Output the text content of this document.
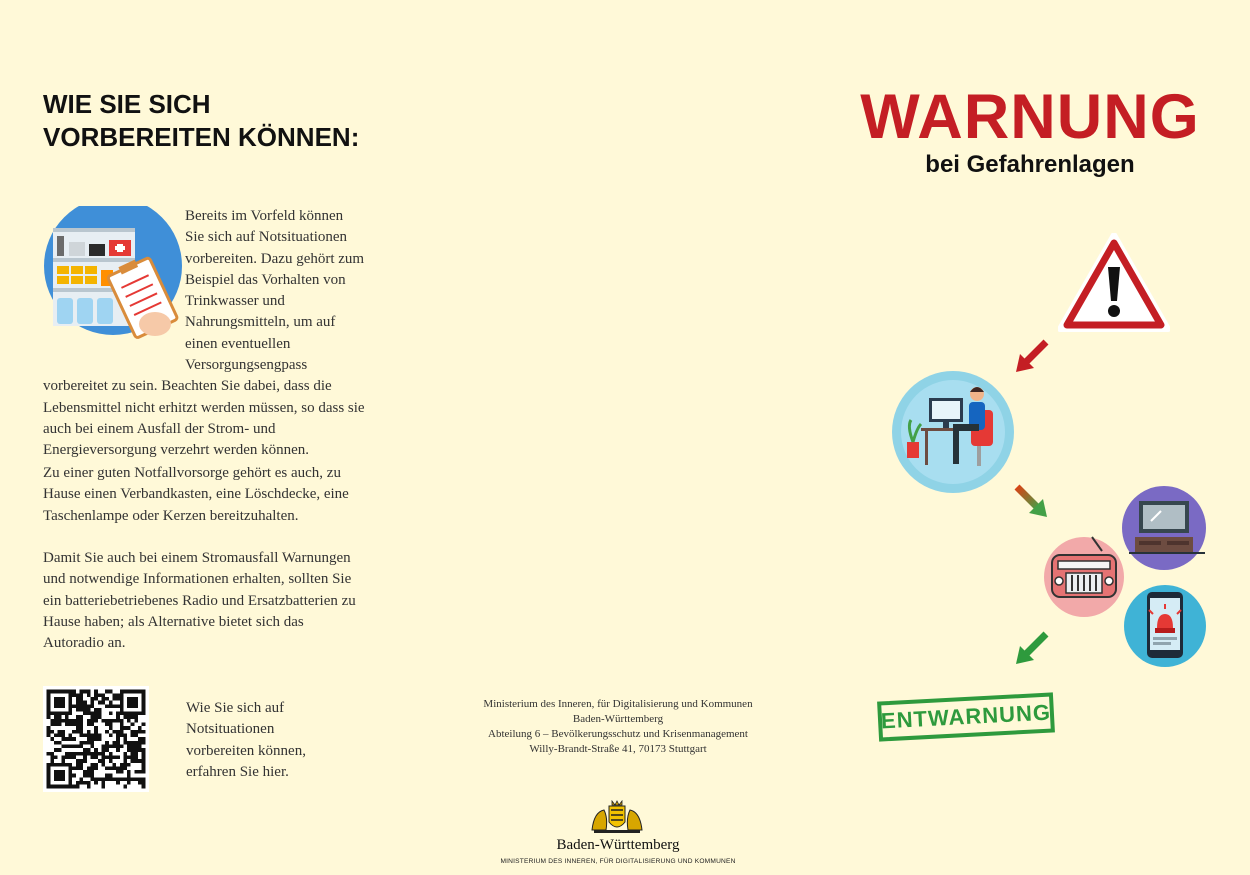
WIE SIE SICH VORBEREITEN KÖNNEN:
Bereits im Vorfeld können Sie sich auf Notsituationen vorbereiten. Dazu gehört zum Beispiel das Vorhalten von Trinkwasser und Nahrungsmitteln, um auf einen eventuellen Versorgungsengpass vorbereitet zu sein. Beachten Sie dabei, dass die Lebensmittel nicht erhitzt werden müssen, so dass sie auch bei einem Ausfall der Strom- und Energieversorgung verzehrt werden können.

Zu einer guten Notfallvorsorge gehört es auch, zu Hause einen Verbandkasten, eine Löschdecke, eine Taschenlampe oder Kerzen bereitzuhalten.

Damit Sie auch bei einem Stromausfall Warnungen und notwendige Informationen erhalten, sollten Sie ein batteriebetriebenes Radio und Ersatzbatterien zu Hause haben; als Alternative bietet sich das Autoradio an.

Wie Sie sich auf Notsituationen vorbereiten können, erfahren Sie hier.

Ministerium des Inneren, für Digitalisierung und Kommunen
Baden-Württemberg
Abteilung 6 – Bevölkerungsschutz und Krisenmanagement
Willy-Brandt-Straße 41, 70173 Stuttgart
Baden-Württemberg
MINISTERIUM DES INNEREN, FÜR DIGITALISIERUNG UND KOMMUNEN
WARNUNG
bei Gefahrenlagen
ENTWARNUNG
